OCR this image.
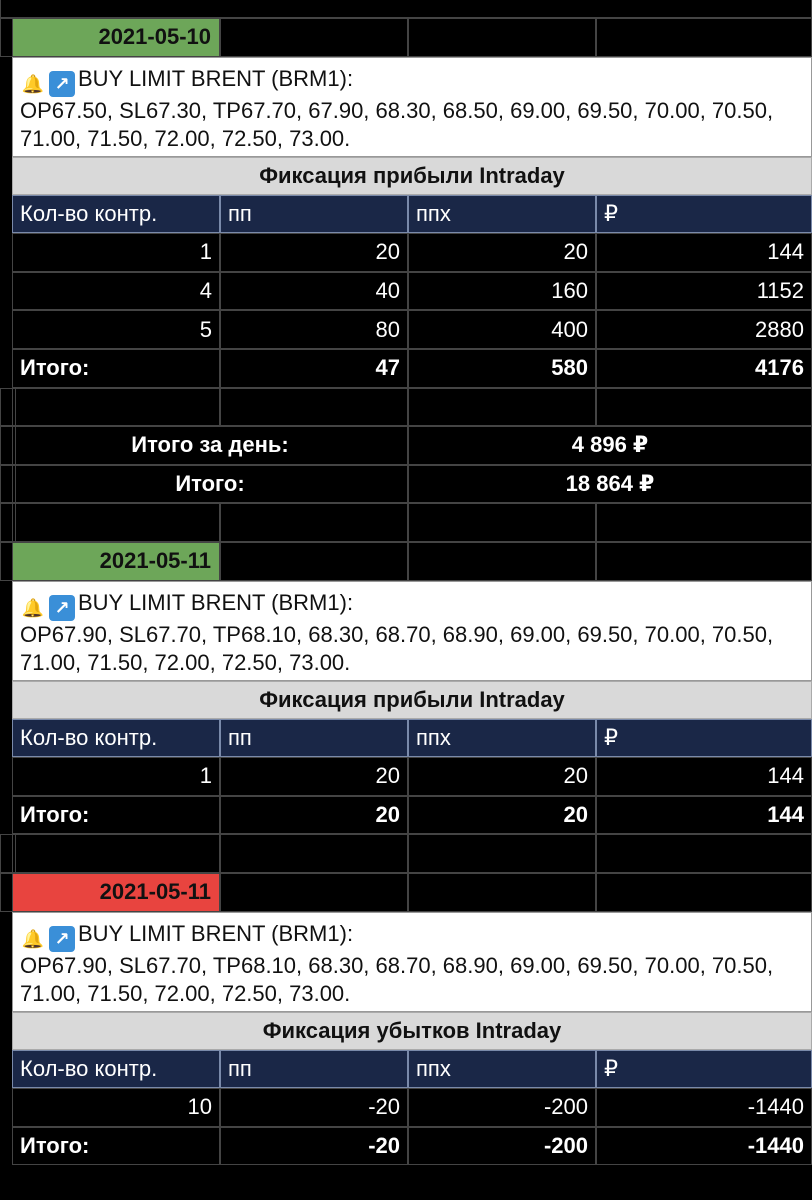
2021-05-10
🔔 ↗ BUY LIMIT BRENT (BRM1):
OP67.50, SL67.30, TP67.70, 67.90, 68.30, 68.50, 69.00, 69.50, 70.00, 70.50, 71.00, 71.50, 72.00, 72.50, 73.00.
Фиксация прибыли Intraday
Кол-во контр.	пп	ппх	₽
1	20	20	144
4	40	160	1152
5	80	400	2880
Итого:	47	580	4176
Итого за день:	4 896 ₽
Итого:	18 864 ₽
2021-05-11
🔔 ↗ BUY LIMIT BRENT (BRM1):
OP67.90, SL67.70, TP68.10, 68.30, 68.70, 68.90, 69.00, 69.50, 70.00, 70.50, 71.00, 71.50, 72.00, 72.50, 73.00.
Фиксация прибыли Intraday
Кол-во контр.	пп	ппх	₽
1	20	20	144
Итого:	20	20	144
2021-05-11
🔔 ↗ BUY LIMIT BRENT (BRM1):
OP67.90, SL67.70, TP68.10, 68.30, 68.70, 68.90, 69.00, 69.50, 70.00, 70.50, 71.00, 71.50, 72.00, 72.50, 73.00.
Фиксация убытков Intraday
Кол-во контр.	пп	ппх	₽
10	-20	-200	-1440
Итого:	-20	-200	-1440
